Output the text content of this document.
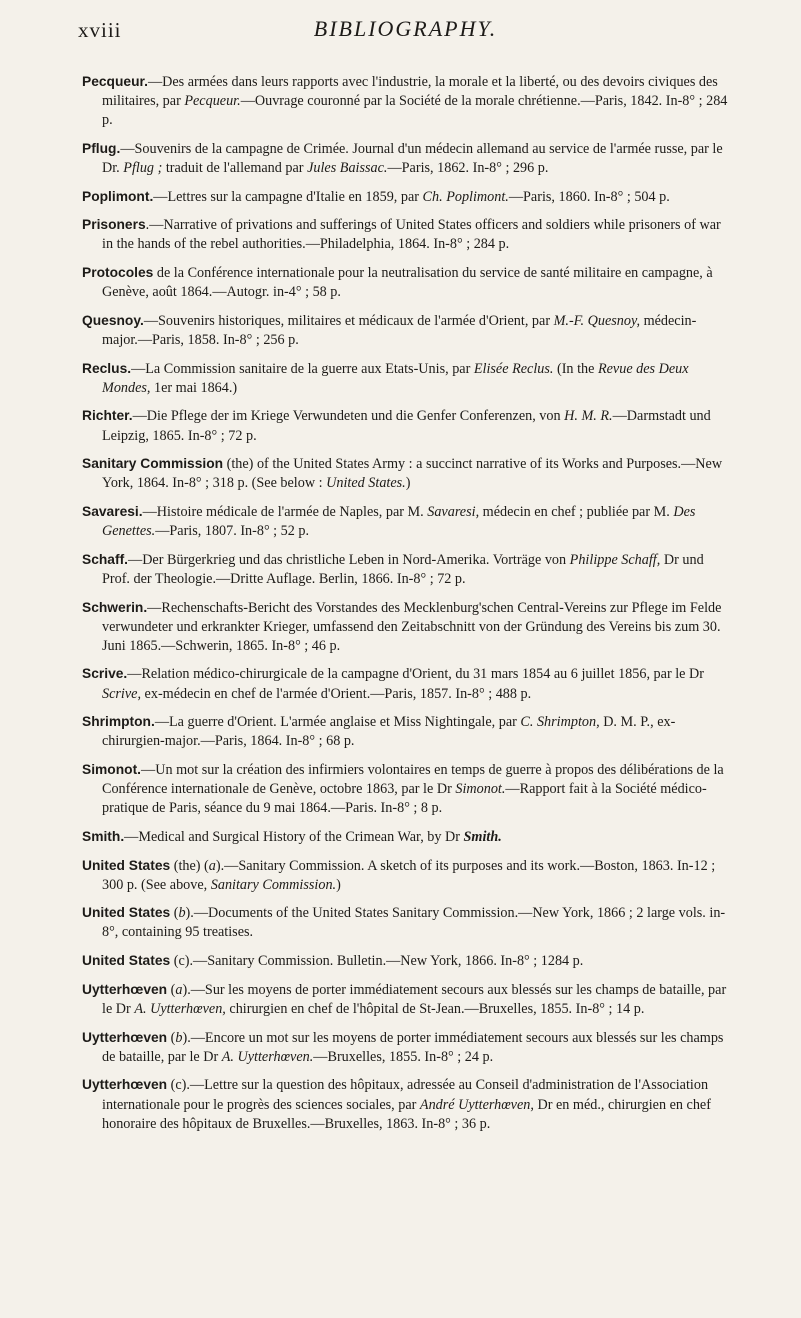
xviii	BIBLIOGRAPHY.
Pecqueur.—Des armées dans leurs rapports avec l'industrie, la morale et la liberté, ou des devoirs civiques des militaires, par Pecqueur.—Ouvrage couronné par la Société de la morale chrétienne.—Paris, 1842. In-8° ; 284 p.
Pflug.—Souvenirs de la campagne de Crimée. Journal d'un médecin allemand au service de l'armée russe, par le Dr. Pflug ; traduit de l'allemand par Jules Baissac.—Paris, 1862. In-8° ; 296 p.
Poplimont.—Lettres sur la campagne d'Italie en 1859, par Ch. Poplimont.—Paris, 1860. In-8° ; 504 p.
Prisoners.—Narrative of privations and sufferings of United States officers and soldiers while prisoners of war in the hands of the rebel authorities.—Philadelphia, 1864. In-8° ; 284 p.
Protocoles de la Conférence internationale pour la neutralisation du service de santé militaire en campagne, à Genève, août 1864.—Autogr. in-4° ; 58 p.
Quesnoy.—Souvenirs historiques, militaires et médicaux de l'armée d'Orient, par M.-F. Quesnoy, médecin-major.—Paris, 1858. In-8° ; 256 p.
Reclus.—La Commission sanitaire de la guerre aux Etats-Unis, par Elisée Reclus. (In the Revue des Deux Mondes, 1er mai 1864.)
Richter.—Die Pflege der im Kriege Verwundeten und die Genfer Conferenzen, von H. M. R.—Darmstadt und Leipzig, 1865. In-8° ; 72 p.
Sanitary Commission (the) of the United States Army : a succinct narrative of its Works and Purposes.—New York, 1864. In-8° ; 318 p. (See below : United States.)
Savaresi.—Histoire médicale de l'armée de Naples, par M. Savaresi, médecin en chef ; publiée par M. Des Genettes.—Paris, 1807. In-8° ; 52 p.
Schaff.—Der Bürgerkrieg und das christliche Leben in Nord-Amerika. Vorträge von Philippe Schaff, Dr und Prof. der Theologie.—Dritte Auflage. Berlin, 1866. In-8° ; 72 p.
Schwerin.—Rechenschafts-Bericht des Vorstandes des Mecklenburg'schen Central-Vereins zur Pflege im Felde verwundeter und erkrankter Krieger, umfassend den Zeitabschnitt von der Gründung des Vereins bis zum 30. Juni 1865.—Schwerin, 1865. In-8° ; 46 p.
Scrive.—Relation médico-chirurgicale de la campagne d'Orient, du 31 mars 1854 au 6 juillet 1856, par le Dr Scrive, ex-médecin en chef de l'armée d'Orient.—Paris, 1857. In-8° ; 488 p.
Shrimpton.—La guerre d'Orient. L'armée anglaise et Miss Nightingale, par C. Shrimpton, D. M. P., ex-chirurgien-major.—Paris, 1864. In-8° ; 68 p.
Simonot.—Un mot sur la création des infirmiers volontaires en temps de guerre à propos des délibérations de la Conférence internationale de Genève, octobre 1863, par le Dr Simonot.—Rapport fait à la Société médico-pratique de Paris, séance du 9 mai 1864.—Paris. In-8° ; 8 p.
Smith.—Medical and Surgical History of the Crimean War, by Dr Smith.
United States (the) (a).—Sanitary Commission. A sketch of its purposes and its work.—Boston, 1863. In-12 ; 300 p. (See above, Sanitary Commission.)
United States (b).—Documents of the United States Sanitary Commission.—New York, 1866 ; 2 large vols. in-8°, containing 95 treatises.
United States (c).—Sanitary Commission. Bulletin.—New York, 1866. In-8° ; 1284 p.
Uytterhœven (a).—Sur les moyens de porter immédiatement secours aux blessés sur les champs de bataille, par le Dr A. Uytterhœven, chirurgien en chef de l'hôpital de St-Jean.—Bruxelles, 1855. In-8° ; 14 p.
Uytterhœven (b).—Encore un mot sur les moyens de porter immédiatement secours aux blessés sur les champs de bataille, par le Dr A. Uytterhœven.—Bruxelles, 1855. In-8° ; 24 p.
Uytterhœven (c).—Lettre sur la question des hôpitaux, adressée au Conseil d'administration de l'Association internationale pour le progrès des sciences sociales, par André Uytterhœven, Dr en méd., chirurgien en chef honoraire des hôpitaux de Bruxelles.—Bruxelles, 1863. In-8° ; 36 p.
